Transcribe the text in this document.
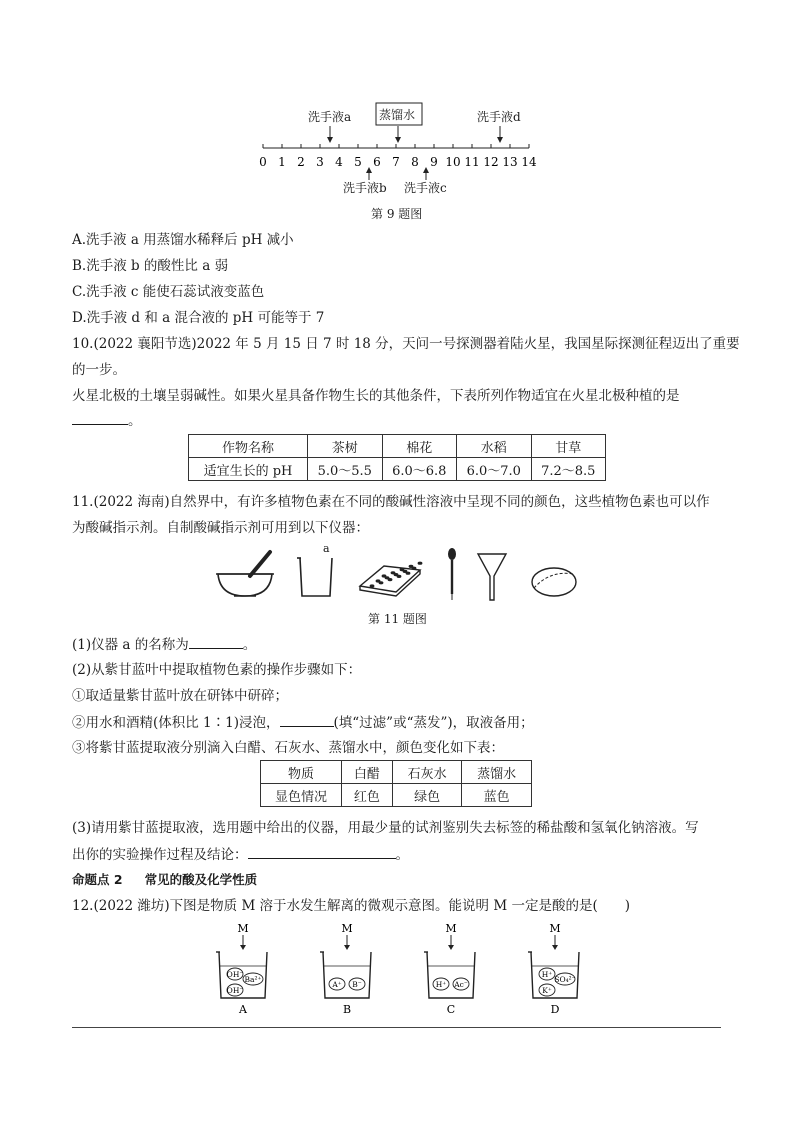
0 1 2 3 4 5 6 7 8 9 10 11 12 13 14
洗手液a 蒸馏水	洗手液d
洗手液b 洗手液c
第 9 题图
A.洗手液 a 用蒸馏水稀释后 pH 减小
B.洗手液 b 的酸性比 a 弱
C.洗手液 c 能使石蕊试液变蓝色
D.洗手液 d 和 a 混合液的 pH 可能等于 7
10.(2022 襄阳节选)2022 年 5 月 15 日 7 时 18 分，天问一号探测器着陆火星，我国星际探测征程迈出了重要
的一步。
火星北极的土壤呈弱碱性。如果火星具备作物生长的其他条件，下表所列作物适宜在火星北极种植的是
。
作物名称	茶树	棉花	水稻	甘草
适宜生长的 pH	5.0～5.5	6.0～6.8	6.0～7.0	7.2～8.5
11.(2022 海南)自然界中，有许多植物色素在不同的酸碱性溶液中呈现不同的颜色，这些植物色素也可以作
为酸碱指示剂。自制酸碱指示剂可用到以下仪器：
a
第 11 题图
(1)仪器 a 的名称为	。
(2)从紫甘蓝叶中提取植物色素的操作步骤如下：
①取适量紫甘蓝叶放在研钵中研碎；
②用水和酒精(体积比 1∶1)浸泡，	(填“过滤”或“蒸发”)，取液备用；
③将紫甘蓝提取液分别滴入白醋、石灰水、蒸馏水中，颜色变化如下表：
物质	白醋	石灰水	蒸馏水
显色情况	红色	绿色	蓝色
(3)请用紫甘蓝提取液，选用题中给出的仪器，用最少量的试剂鉴别失去标签的稀盐酸和氢氧化钠溶液。写
出你的实验操作过程及结论：	。
命题点 2 常见的酸及化学性质
12.(2022 潍坊)下图是物质 M 溶于水发生解离的微观示意图。能说明 M 一定是酸的是(　　)
M
OH⁻
Ba²⁺
OH⁻
A
M
A⁺ B⁻
B
M
H⁺ Ac⁻
C
M
H⁺
SO₄²⁻
K⁺
D
